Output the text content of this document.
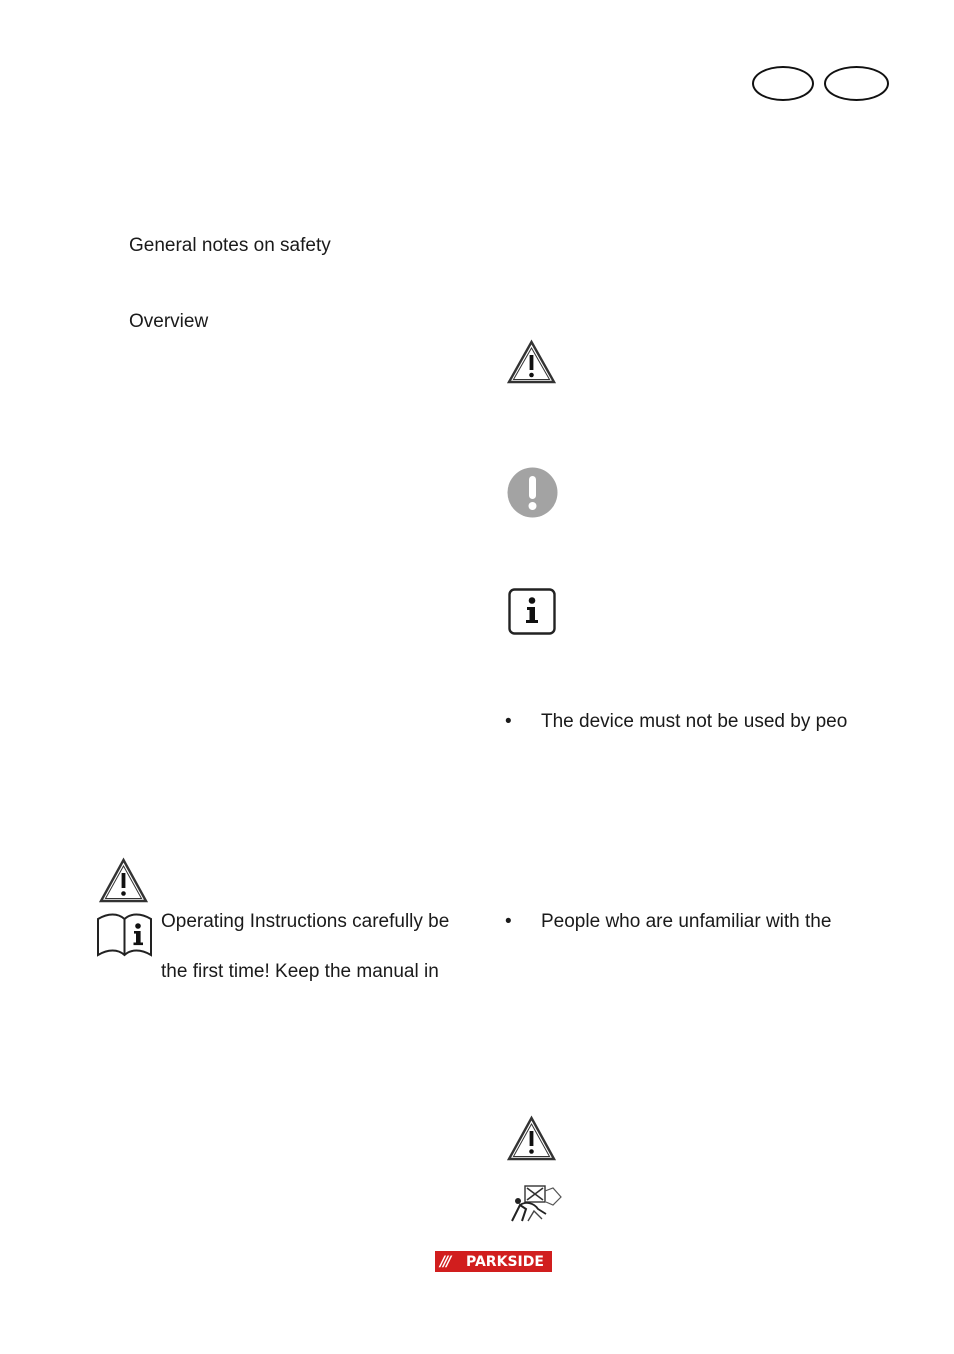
General notes on safety
Overview
• The device must not be used by peo
• People who are unfamiliar with the
Operating Instructions carefully be
the first time! Keep the manual in
///	PARKSIDE
